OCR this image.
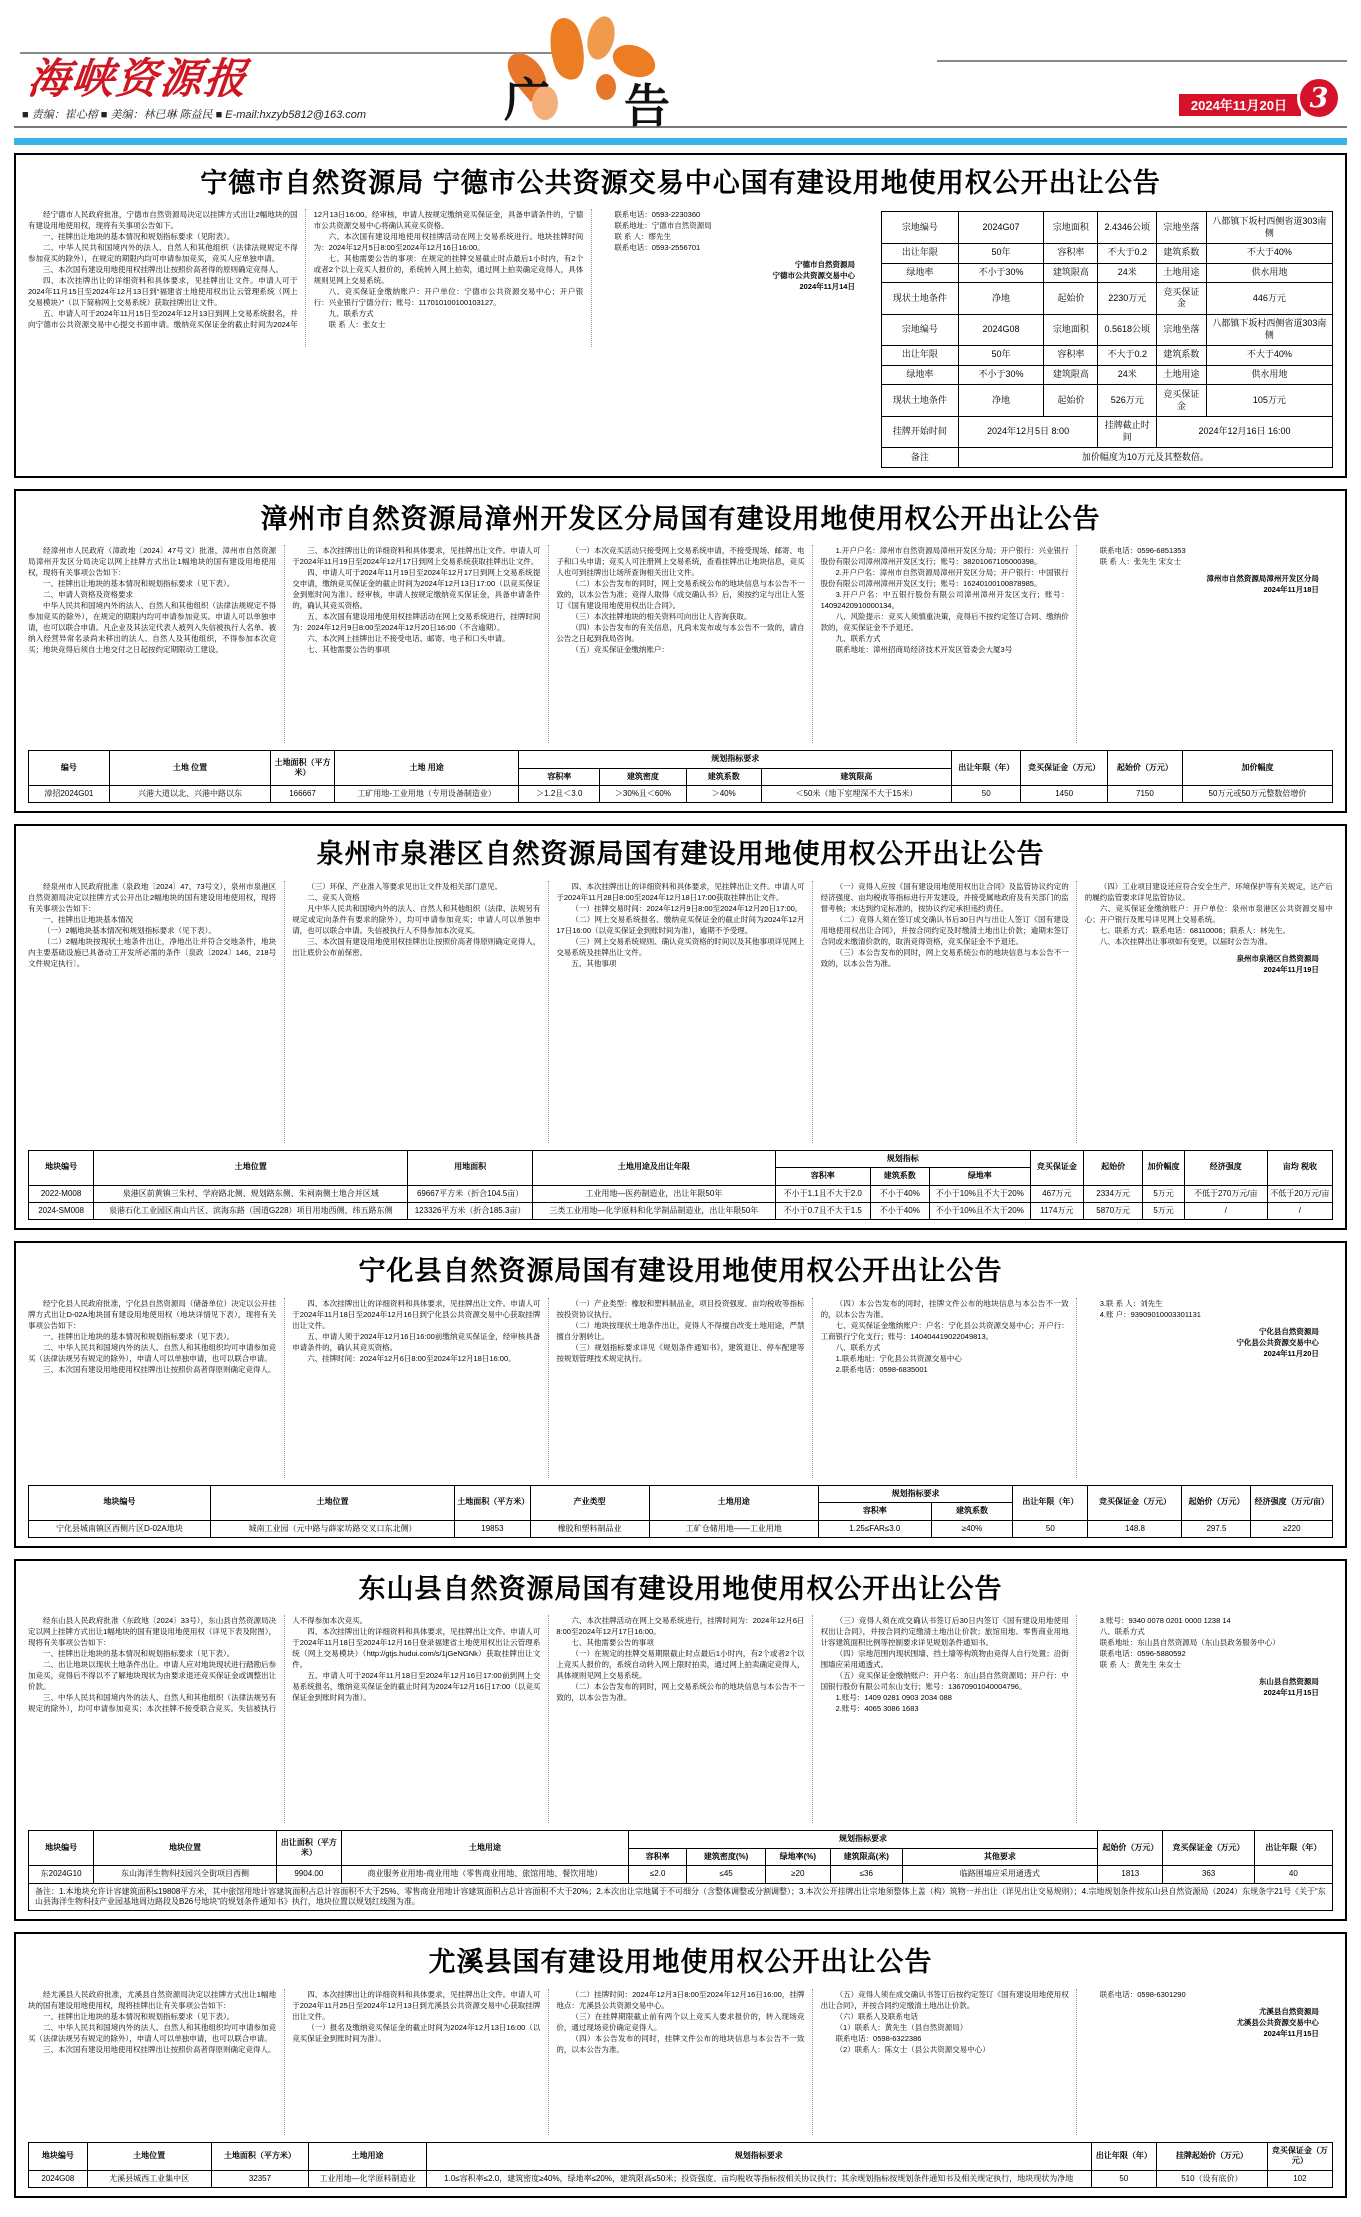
海峡资源报
■ 责编：崔心榕 ■ 美编：林已琳 陈益民 ■ E-mail:hxzyb5812@163.com	广 告	2024年11月20日 3
宁德市自然资源局 宁德市公共资源交易中心国有建设用地使用权公开出让公告

经宁德市人民政府批准，宁德市自然资源局决定以挂牌方式出让2幅地块的国有建设用地使用权，现将有关事项公告如下。

一、挂牌出让地块的基本情况和规划指标要求（见附表）。

二、中华人民共和国境内外的法人、自然人和其他组织（法律法规规定不得参加竞买的除外），在规定的期限内均可申请参加竞买，竞买人应单独申请。

三、本次国有建设用地使用权挂牌出让按照价高者得的原则确定竞得人。

四、本次挂牌出让的详细资料和具体要求，见挂牌出让文件。申请人可于2024年11月15日至2024年12月13日到“福建省土地使用权出让云管理系统（网上交易模块）”（以下简称网上交易系统）获取挂牌出让文件。

五、申请人可于2024年11月15日至2024年12月13日到网上交易系统报名，并向宁德市公共资源交易中心提交书面申请。缴纳竞买保证金的截止时间为2024年12月13日16:00。经审核，申请人按规定缴纳竞买保证金，具备申请条件的，宁德市公共资源交易中心将确认其竞买资格。

六、本次国有建设用地使用权挂牌活动在网上交易系统进行。地块挂牌时间为：2024年12月5日8:00至2024年12月16日16:00。

七、其他需要公告的事项：在规定的挂牌交易截止时点最后1小时内，有2个或者2个以上竞买人报价的，系统转入网上拍卖，通过网上拍卖确定竞得人，具体规则见网上交易系统。

八、竞买保证金缴纳账户：开户单位：宁德市公共资源交易中心；开户银行：兴业银行宁德分行；账号：117010100100103127。

九、联系方式

联 系 人：张女士

联系电话：0593-2230360

联系地址：宁德市自然资源局

联 系 人：缪先生

联系电话：0593-2556701

宁德市自然资源局

宁德市公共资源交易中心

2024年11月14日

宗地编号	2024G07	宗地面积	2.4346公顷	宗地坐落	八都镇下坂村西侧省道303南侧
出让年限	50年	容积率	不大于0.2	建筑系数	不大于40%
绿地率	不小于30%	建筑限高	24米	土地用途	供水用地
现状土地条件	净地	起始价	2230万元	竞买保证金	446万元
宗地编号	2024G08	宗地面积	0.5618公顷	宗地坐落	八都镇下坂村西侧省道303南侧
出让年限	50年	容积率	不大于0.2	建筑系数	不大于40%
绿地率	不小于30%	建筑限高	24米	土地用途	供水用地
现状土地条件	净地	起始价	526万元	竞买保证金	105万元
挂牌开始时间	2024年12月5日 8:00		挂牌截止时间	2024年12月16日 16:00	
备注	加价幅度为10万元及其整数倍。				
漳州市自然资源局漳州开发区分局国有建设用地使用权公开出让公告

经漳州市人民政府（漳政地〔2024〕47号文）批准，漳州市自然资源局漳州开发区分局决定以网上挂牌方式出让1幅地块的国有建设用地使用权，现将有关事项公告如下：

一、挂牌出让地块的基本情况和规划指标要求（见下表）。

二、申请人资格及资格要求

中华人民共和国境内外的法人、自然人和其他组织（法律法规规定不得参加竞买的除外），在规定的期限内均可申请参加竞买。申请人可以单独申请，也可以联合申请。凡企业及其法定代表人被列入失信被执行人名单、被纳入经营异常名录尚未移出的法人、自然人及其他组织，不得参加本次竞买；地块竞得后须自土地交付之日起按约定期限动工建设。

三、本次挂牌出让的详细资料和具体要求，见挂牌出让文件。申请人可于2024年11月19日至2024年12月17日到网上交易系统获取挂牌出让文件。

四、申请人可于2024年11月19日至2024年12月17日到网上交易系统提交申请，缴纳竞买保证金的截止时间为2024年12月13日17:00（以竞买保证金到账时间为准）。经审核，申请人按规定缴纳竞买保证金，具备申请条件的，确认其竞买资格。

五、本次国有建设用地使用权挂牌活动在网上交易系统进行，挂牌时间为：2024年12月9日8:00至2024年12月20日16:00（不含逾期）。

六、本次网上挂牌出让不接受电话、邮寄、电子和口头申请。

七、其他需要公告的事项

（一）本次竞买活动只接受网上交易系统申请，不接受现场、邮寄、电子和口头申请；竞买人可注册网上交易系统，查看挂牌出让地块信息，竞买人也可到挂牌出让场所查询相关出让文件。

（二）本公告发布的同时，网上交易系统公布的地块信息与本公告不一致的，以本公告为准；竞得人取得《成交确认书》后，须按约定与出让人签订《国有建设用地使用权出让合同》。

（三）本次挂牌地块的相关资料可向出让人咨询获取。

（四）本公告发布的有关信息，凡尚未发布或与本公告不一致的，请自公告之日起到我局咨询。

（五）竞买保证金缴纳账户：

1.开户户名：漳州市自然资源局漳州开发区分局；开户银行：兴业银行股份有限公司漳州漳州开发区支行；账号：38201067105000398。

2.开户户名：漳州市自然资源局漳州开发区分局；开户银行：中国银行股份有限公司漳州漳州开发区支行；账号：16240100100878985。

3.开户户名：中五银行股份有限公司漳州漳州开发区支行；账号：14092420910000134。

八、风险提示：竞买人须慎重决策，竞得后不按约定签订合同、缴纳价款的，竞买保证金不予退还。

九、联系方式

联系地址：漳州招商局经济技术开发区管委会大厦3号

联系电话：0596-6851353

联 系 人：张先生 宋女士

漳州市自然资源局漳州开发区分局

2024年11月18日

编号	土地 位置	土地面积（平方米）	土地 用途	规划指标要求				出让年限（年）	竞买保证金（万元）	起始价（万元）	加价幅度
				容积率	建筑密度	建筑系数	建筑限高				
漳招2024G01	兴港大道以北、兴港中路以东	166667	工矿用地-工业用地（专用设备制造业）	＞1.2且＜3.0	＞30%且＜60%	＞40%	＜50米（地下室埋深不大于15米）	50	1450	7150	50万元或50万元整数倍增价
泉州市泉港区自然资源局国有建设用地使用权公开出让公告

经泉州市人民政府批准（泉政地〔2024〕47、73号文），泉州市泉港区自然资源局决定以挂牌方式公开出让2幅地块的国有建设用地使用权，现将有关事项公告如下：

一、挂牌出让地块基本情况

（一）2幅地块基本情况和规划指标要求（见下表）。

（二）2幅地块按现状土地条件出让，净地出让并符合交地条件，地块内主要基础设施已具备动工开发所必需的条件〔泉政〔2024〕146、218号文件规定执行〕。

（三）环保、产业准入等要求见出让文件及相关部门意见。

二、竞买人资格

凡中华人民共和国境内外的法人、自然人和其他组织（法律、法规另有规定或定向条件有要求的除外），均可申请参加竞买；申请人可以单独申请，也可以联合申请。失信被执行人不得参加本次竞买。

三、本次国有建设用地使用权挂牌出让按照价高者得原则确定竞得人，出让底价公布前保密。

四、本次挂牌出让的详细资料和具体要求，见挂牌出让文件。申请人可于2024年11月28日8:00至2024年12月18日17:00获取挂牌出让文件。

（一）挂牌交易时间：2024年12月9日8:00至2024年12月20日17:00。

（二）网上交易系统报名、缴纳竞买保证金的截止时间为2024年12月17日16:00（以竞买保证金到账时间为准），逾期不予受理。

（三）网上交易系统规则、确认竞买资格的时间以及其他事项详见网上交易系统及挂牌出让文件。

五、其他事项

（一）竞得人应按《国有建设用地使用权出让合同》及监管协议约定的经济强度、亩均税收等指标进行开发建设，并接受属地政府及有关部门的监督考核；未达到约定标准的，按协议约定承担违约责任。

（二）竞得人须在签订成交确认书后30日内与出让人签订《国有建设用地使用权出让合同》，并按合同约定及时缴清土地出让价款；逾期未签订合同或未缴清价款的，取消竞得资格，竞买保证金不予退还。

（三）本公告发布的同时，网上交易系统公布的地块信息与本公告不一致的，以本公告为准。

（四）工业项目建设还应符合安全生产、环境保护等有关规定，达产后的履约监管要求详见监管协议。

六、竞买保证金缴纳账户：开户单位：泉州市泉港区公共资源交易中心；开户银行及账号详见网上交易系统。

七、联系方式：联系电话：68110006；联系人：林先生。

八、本次挂牌出让事项如有变更，以届时公告为准。

泉州市泉港区自然资源局

2024年11月19日

地块编号	土地位置	用地面积	土地用途及出让年限	规划指标			竞买保证金	起始价	加价幅度	经济强度	亩均 税收
				容积率	建筑系数	绿地率					
2022-M008	泉港区前黄镇三朱村、学府路北侧、规划路东侧、朱祠南侧土地合并区域	69667平方米（折合104.5亩）	工业用地—医药制造业，出让年限50年	不小于1.1且不大于2.0	不小于40%	不小于10%且不大于20%	467万元	2334万元	5万元	不低于270万元/亩	不低于20万元/亩
2024-SM008	泉港石化工业园区南山片区、滨海东路（国道G228）项目用地西侧、纬五路东侧	123326平方米（折合185.3亩）	三类工业用地—化学原料和化学制品制造业，出让年限50年	不小于0.7且不大于1.5	不小于40%	不小于10%且不大于20%	1174万元	5870万元	5万元	/	/
宁化县自然资源局国有建设用地使用权公开出让公告

经宁化县人民政府批准，宁化县自然资源局（储备单位）决定以公开挂牌方式出让D-02A地块国有建设用地使用权（地块详情见下表），现将有关事项公告如下：

一、挂牌出让地块的基本情况和规划指标要求（见下表）。

二、中华人民共和国境内外的法人、自然人和其他组织均可申请参加竞买（法律法规另有规定的除外），申请人可以单独申请，也可以联合申请。

三、本次国有建设用地使用权挂牌出让按照价高者得原则确定竞得人。

四、本次挂牌出让的详细资料和具体要求，见挂牌出让文件。申请人可于2024年11月18日至2024年12月16日到宁化县公共资源交易中心获取挂牌出让文件。

五、申请人须于2024年12月16日16:00前缴纳竞买保证金，经审核具备申请条件的，确认其竞买资格。

六、挂牌时间：2024年12月6日8:00至2024年12月18日16:00。

（一）产业类型：橡胶和塑料制品业，项目投资强度、亩均税收等指标按投资协议执行。

（二）地块按现状土地条件出让，竞得人不得擅自改变土地用途，严禁擅自分割转让。

（三）规划指标要求详见《规划条件通知书》，建筑退让、停车配建等按规划管理技术规定执行。

（四）本公告发布的同时，挂牌文件公布的地块信息与本公告不一致的，以本公告为准。

七、竞买保证金缴纳账户：户名：宁化县公共资源交易中心；开户行：工商银行宁化支行；账号：140404419022049813。

八、联系方式

1.联系地址：宁化县公共资源交易中心

2.联系电话：0598-6835001

3.联 系 人：刘先生

4.账 户：93909010003301131

宁化县自然资源局

宁化县公共资源交易中心

2024年11月20日

地块编号	土地位置	土地面积（平方米）	产业类型	土地用途	规划指标要求		出让年限（年）	竞买保证金（万元）	起始价（万元）	经济强度（万元/亩）
					容积率	建筑系数				
宁化县城南镇区西侧片区D-02A地块	城南工业园（元中路与薛家坊路交叉口东北侧）	19853	橡胶和塑料制品业	工矿仓储用地——工业用地	1.25≤FAR≤3.0	≥40%	50	148.8	297.5	≥220
东山县自然资源局国有建设用地使用权公开出让公告

经东山县人民政府批准（东政地〔2024〕33号），东山县自然资源局决定以网上挂牌方式出让1幅地块的国有建设用地使用权（详见下表及附图），现将有关事项公告如下：

一、挂牌出让地块的基本情况和规划指标要求（见下表）。

二、出让地块以现状土地条件出让。申请人应对地块现状进行踏勘后参加竞买，竞得后不得以不了解地块现状为由要求退还竞买保证金或调整出让价款。

三、中华人民共和国境内外的法人、自然人和其他组织（法律法规另有规定的除外），均可申请参加竞买；本次挂牌不接受联合竞买。失信被执行人不得参加本次竞买。

四、本次挂牌出让的详细资料和具体要求，见挂牌出让文件。申请人可于2024年11月18日至2024年12月16日登录福建省土地使用权出让云管理系统（网上交易模块）（http://gtjs.hudui.com/s/1jGeNGNk）获取挂牌出让文件。

五、申请人可于2024年11月18日至2024年12月16日17:00前到网上交易系统报名，缴纳竞买保证金的截止时间为2024年12月16日17:00（以竞买保证金到账时间为准）。

六、本次挂牌活动在网上交易系统进行，挂牌时间为：2024年12月6日8:00至2024年12月17日16:00。

七、其他需要公告的事项

（一）在规定的挂牌交易期限截止时点最后1小时内，有2个或者2个以上竞买人报价的，系统自动转入网上限时拍卖，通过网上拍卖确定竞得人，具体规则见网上交易系统。

（二）本公告发布的同时，网上交易系统公布的地块信息与本公告不一致的，以本公告为准。

（三）竞得人须在成交确认书签订后30日内签订《国有建设用地使用权出让合同》，并按合同约定缴清土地出让价款；旅馆用地、零售商业用地计容建筑面积比例等控制要求详见规划条件通知书。

（四）宗地范围内现状围墙、挡土墙等构筑物由竞得人自行处置；沿街围墙应采用通透式。

（五）竞买保证金缴纳账户：开户名：东山县自然资源局；开户行：中国银行股份有限公司东山支行；账号：13670901040004796。

1.账号：1409 0281 0903 2034 088

2.账号：4065 3086 1683

3.账号：9340 0078 0201 0000 1238 14

八、联系方式

联系地址：东山县自然资源局（东山县政务服务中心）

联系电话：0596-5880592

联 系 人：黄先生 朱女士

东山县自然资源局

2024年11月15日

地块编号	地块位置	出让面积（平方米）	土地用途	规划指标要求					起始价（万元）	竞买保证金（万元）	出让年限（年）
				容积率	建筑密度(%)	绿地率(%)	建筑限高(米)	其他要求			
东2024G10	东山海洋生物科技园兴全街项目西侧	9904.00	商业服务业用地-商业用地（零售商业用地、旅馆用地、餐饮用地）	≤2.0	≤45	≥20	≤36	临路围墙应采用通透式	1813	363	40
备注：1.本地块允许计容建筑面积≤19808平方米，其中旅馆用地计容建筑面积占总计容面积不大于25%、零售商业用地计容建筑面积占总计容面积不大于20%；2.本次出让宗地属于不可细分（含整体调整或分割调整）；3.本次公开挂牌出让宗地须整体上盖（构）筑物一并出让（详见出让交易规则）；4.宗地规划条件按东山县自然资源局（2024）东规条字21号《关于“东山县海洋生物科技产业园基地周边路段及B26号地块”的规划条件通知书》执行，地块位置以规划红线图为准。											
尤溪县国有建设用地使用权公开出让公告

经尤溪县人民政府批准，尤溪县自然资源局决定以挂牌方式出让1幅地块的国有建设用地使用权，现将挂牌出让有关事项公告如下：

一、挂牌出让地块的基本情况和规划指标要求（见下表）。

二、中华人民共和国境内外的法人、自然人和其他组织均可申请参加竞买（法律法规另有规定的除外），申请人可以单独申请，也可以联合申请。

三、本次国有建设用地使用权挂牌出让按照价高者得原则确定竞得人。

四、本次挂牌出让的详细资料和具体要求，见挂牌出让文件。申请人可于2024年11月25日至2024年12月13日到尤溪县公共资源交易中心获取挂牌出让文件。

（一）报名及缴纳竞买保证金的截止时间为2024年12月13日16:00（以竞买保证金到账时间为准）。

（二）挂牌时间：2024年12月3日8:00至2024年12月16日16:00，挂牌地点：尤溪县公共资源交易中心。

（三）在挂牌期限截止前有两个以上竞买人要求报价的，转入现场竞价，通过现场竞价确定竞得人。

（四）本公告发布的同时，挂牌文件公布的地块信息与本公告不一致的，以本公告为准。

（五）竞得人须在成交确认书签订后按约定签订《国有建设用地使用权出让合同》，并按合同约定缴清土地出让价款。

（六）联系人及联系电话

（1）联系人：黄先生（县自然资源局）

联系电话：0598-6322386

（2）联系人：陈女士（县公共资源交易中心）

联系电话：0598-6301290

尤溪县自然资源局

尤溪县公共资源交易中心

2024年11月15日

地块编号	土地位置	土地面积（平方米）	土地用途	规划指标要求	出让年限（年）	挂牌起始价（万元）	竞买保证金（万元）
2024G08	尤溪县城西工业集中区	32357	工业用地—化学原料制造业	1.0≤容积率≤2.0，建筑密度≥40%，绿地率≤20%，建筑限高≤50米；投资强度、亩均税收等指标按相关协议执行；其余规划指标按规划条件通知书及相关规定执行，地块现状为净地	50	510（设有底价）	102
